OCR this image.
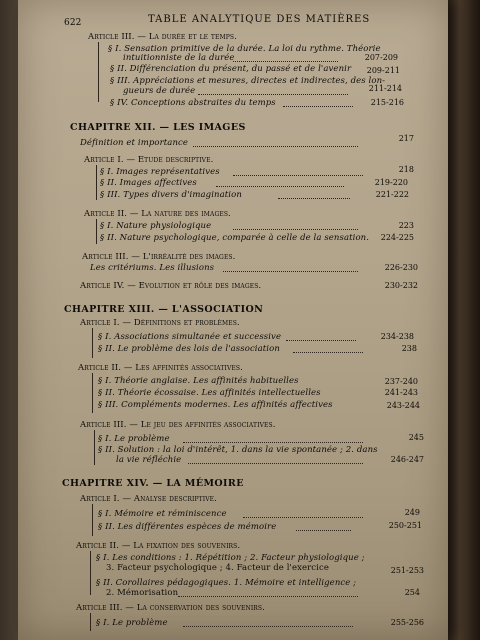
622	TABLE ANALYTIQUE DES MATIÈRES
Article III. — La durée et le temps.
§ I. Sensation primitive de la durée. La loi du rythme. Théorie
intuitionniste de la durée	207-209
§ II. Différenciation du présent, du passé et de l'avenir	209-211
§ III. Appréciations et mesures, directes et indirectes, des lon-
gueurs de durée	211-214
§ IV. Conceptions abstraites du temps	215-216
CHAPITRE XII. — LES IMAGES
Définition et importance	217
Article I. — Etude descriptive.
§ I. Images représentatives	218
§ II. Images affectives	219-220
§ III. Types divers d'imagination	221-222
Article II. — La nature des images.
§ I. Nature physiologique	223
§ II. Nature psychologique, comparée à celle de la sensation.	224-225
Article III. — L'irréalité des images.
Les critériums. Les illusions	226-230
Article IV. — Evolution et rôle des images.	230-232
CHAPITRE XIII. — L'ASSOCIATION
Article I. — Définitions et problèmes.
§ I. Associations simultanée et successive	234-238
§ II. Le problème des lois de l'association	238
Article II. — Les affinités associatives.
§ I. Théorie anglaise. Les affinités habituelles	237-240
§ II. Théorie écossaise. Les affinités intellectuelles	241-243
§ III. Compléments modernes. Les affinités affectives	243-244
Article III. — Le jeu des affinités associatives.
§ I. Le problème	245
§ II. Solution : la loi d'intérêt, 1. dans la vie spontanée ; 2. dans
la vie réfléchie	246-247
CHAPITRE XIV. — LA MÉMOIRE
Article I. — Analyse descriptive.
§ I. Mémoire et réminiscence	249
§ II. Les différentes espèces de mémoire	250-251
Article II. — La fixation des souvenirs.
§ I. Les conditions : 1. Répétition ; 2. Facteur physiologique ;
3. Facteur psychologique ; 4. Facteur de l'exercice	251-253
§ II. Corollaires pédagogiques. 1. Mémoire et intelligence ;
2. Mémorisation	254
Article III. — La conservation des souvenirs.
§ I. Le problème	255-256
